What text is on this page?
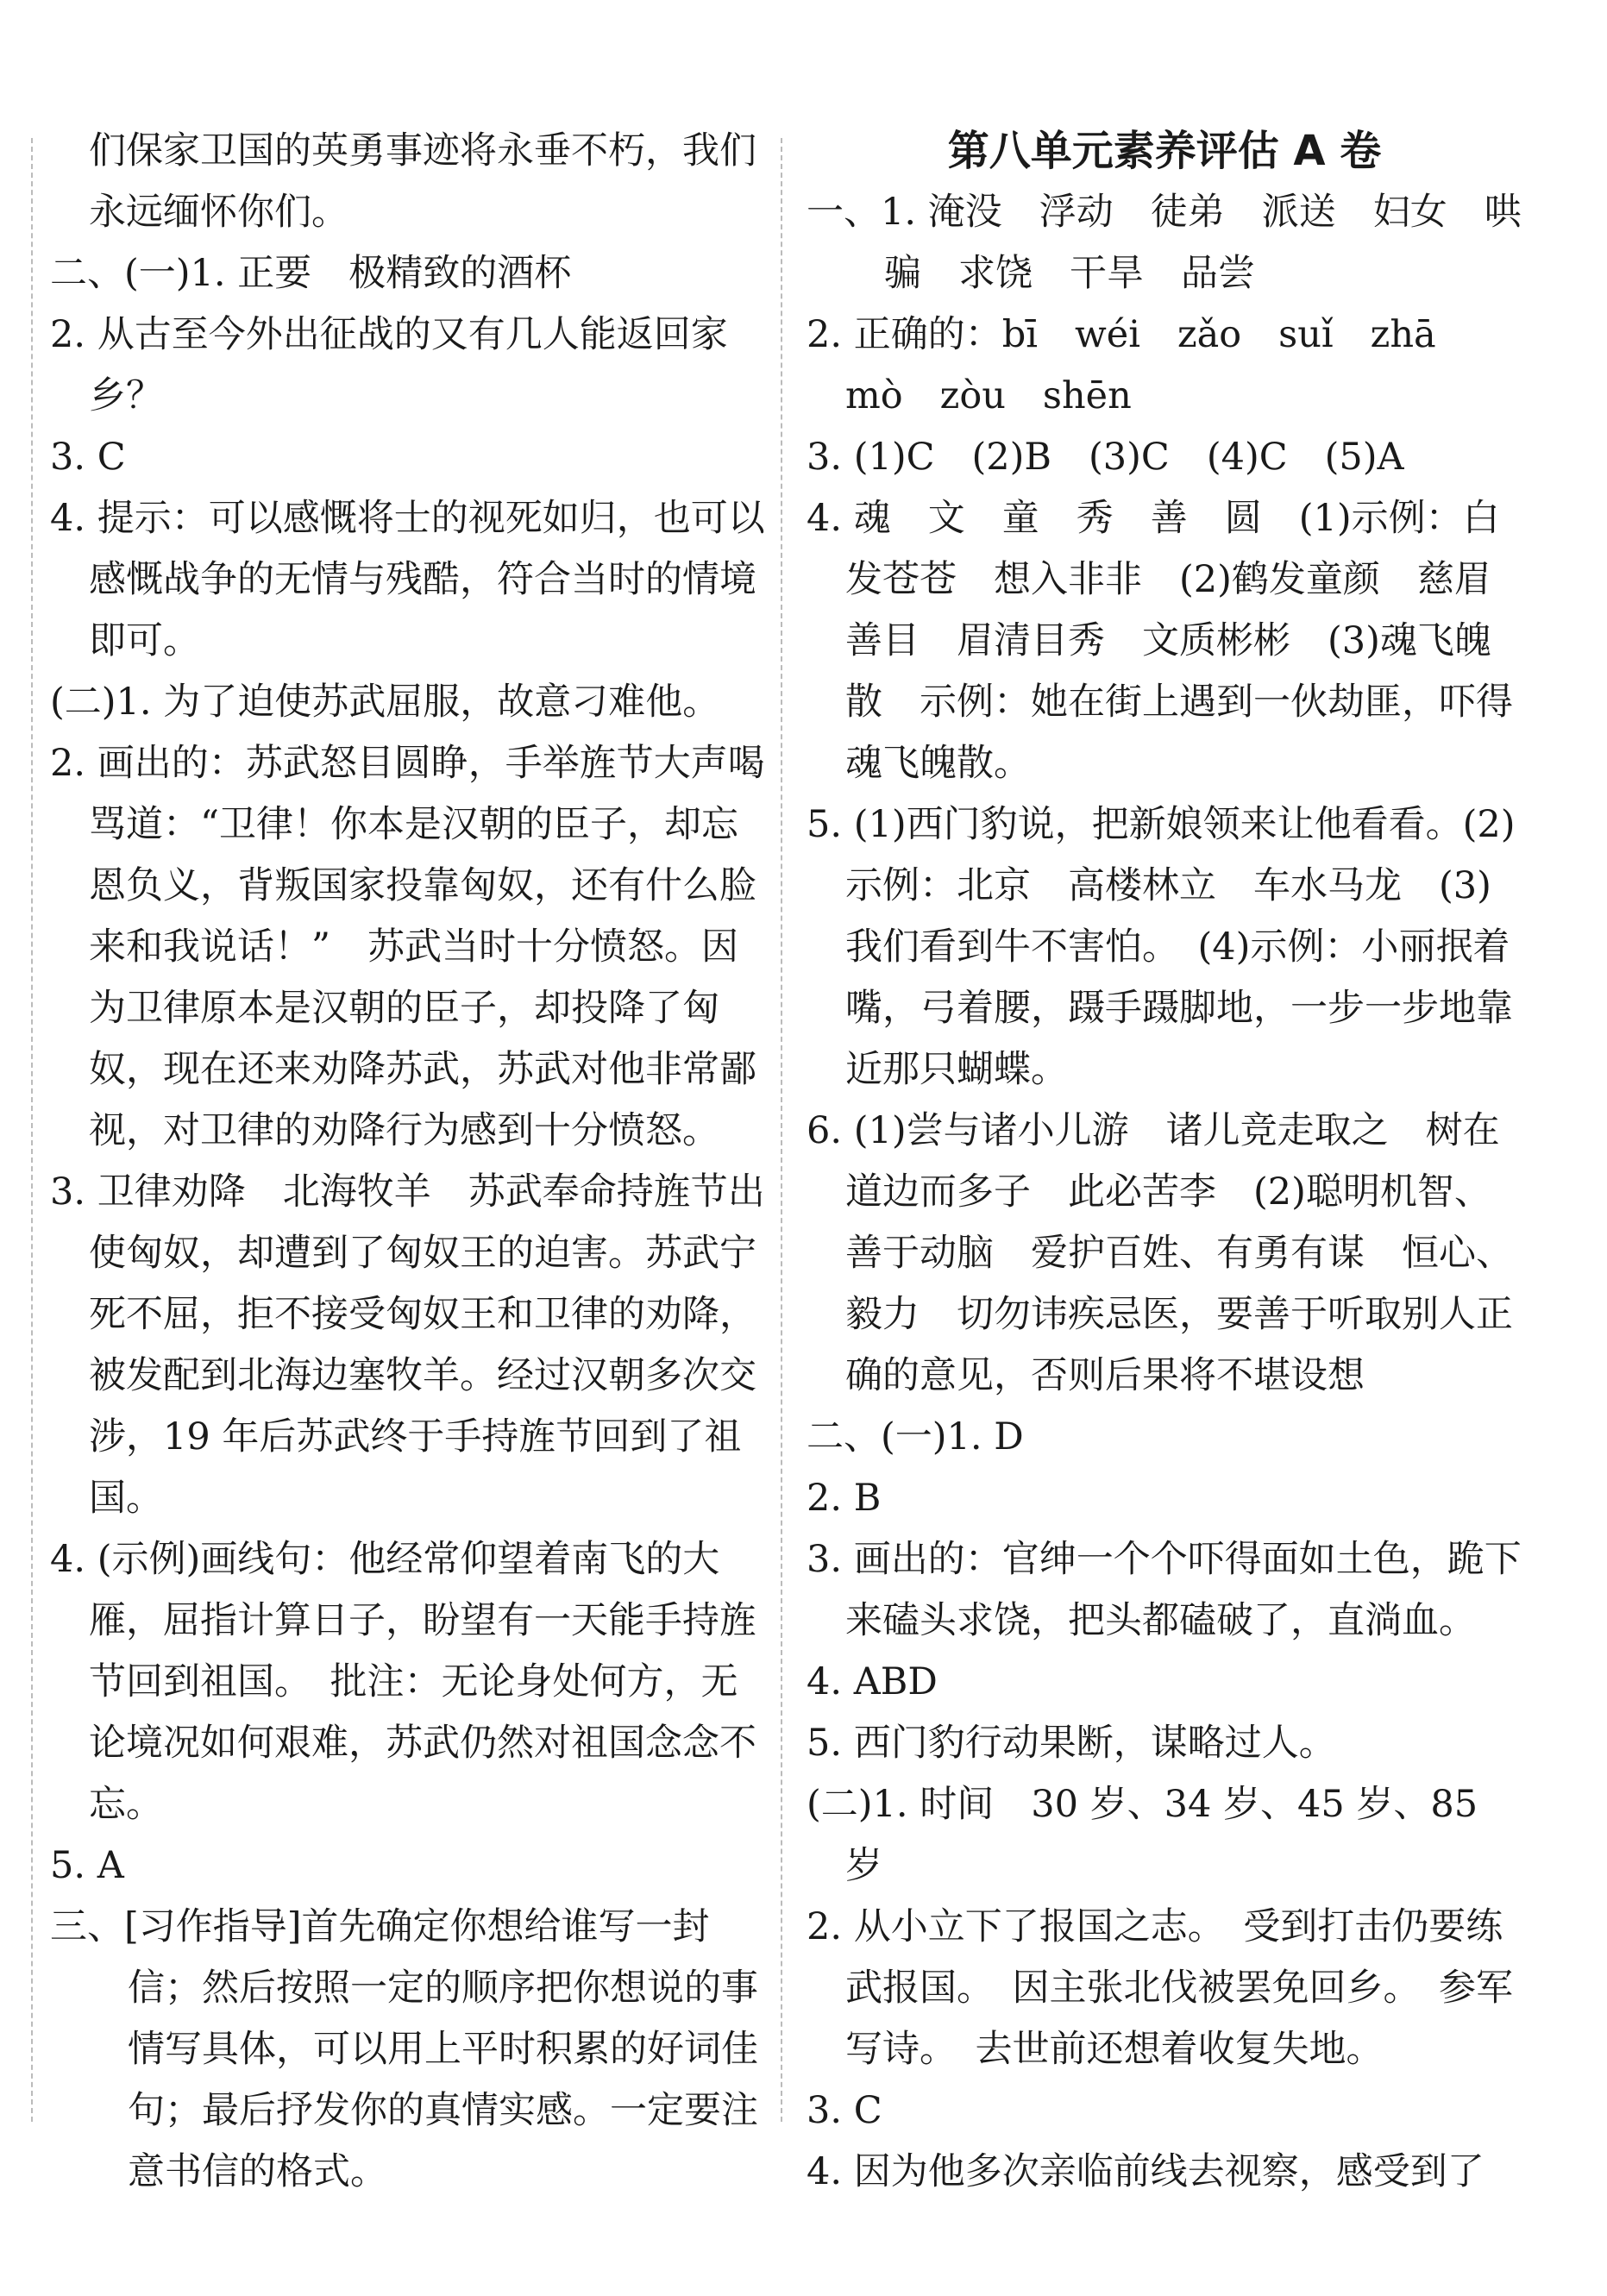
们保家卫国的英勇事迹将永垂不朽，我们永远缅怀你们。
二、(一)1. 正要　极精致的酒杯
2. 从古至今外出征战的又有几人能返回家乡？
3. C
4. 提示：可以感慨将士的视死如归，也可以感慨战争的无情与残酷，符合当时的情境即可。
(二)1. 为了迫使苏武屈服，故意刁难他。
2. 画出的：苏武怒目圆睁，手举旌节大声喝骂道：“卫律！你本是汉朝的臣子，却忘恩负义，背叛国家投靠匈奴，还有什么脸来和我说话！”　苏武当时十分愤怒。因为卫律原本是汉朝的臣子，却投降了匈奴，现在还来劝降苏武，苏武对他非常鄙视，对卫律的劝降行为感到十分愤怒。
3. 卫律劝降　北海牧羊　苏武奉命持旌节出使匈奴，却遭到了匈奴王的迫害。苏武宁死不屈，拒不接受匈奴王和卫律的劝降，被发配到北海边塞牧羊。经过汉朝多次交涉，19 年后苏武终于手持旌节回到了祖国。
4. (示例)画线句：他经常仰望着南飞的大雁，屈指计算日子，盼望有一天能手持旌节回到祖国。　批注：无论身处何方，无论境况如何艰难，苏武仍然对祖国念念不忘。
5. A
三、[习作指导]首先确定你想给谁写一封信；然后按照一定的顺序把你想说的事情写具体，可以用上平时积累的好词佳句；最后抒发你的真情实感。一定要注意书信的格式。
第八单元素养评估 A 卷
一、1. 淹没　浮动　徒弟　派送　妇女　哄骗　求饶　干旱　品尝
2. 正确的：bī　wéi　zǎo　suǐ　zhā　mò　zòu　shēn
3. (1)C　(2)B　(3)C　(4)C　(5)A
4. 魂　文　童　秀　善　圆　(1)示例：白发苍苍　想入非非　(2)鹤发童颜　慈眉善目　眉清目秀　文质彬彬　(3)魂飞魄散　示例：她在街上遇到一伙劫匪，吓得魂飞魄散。
5. (1)西门豹说，把新娘领来让他看看。(2)示例：北京　高楼林立　车水马龙　(3)我们看到牛不害怕。　(4)示例：小丽抿着嘴，弓着腰，蹑手蹑脚地，一步一步地靠近那只蝴蝶。
6. (1)尝与诸小儿游　诸儿竞走取之　树在道边而多子　此必苦李　(2)聪明机智、善于动脑　爱护百姓、有勇有谋　恒心、毅力　切勿讳疾忌医，要善于听取别人正确的意见，否则后果将不堪设想
二、(一)1. D
2. B
3. 画出的：官绅一个个吓得面如土色，跪下来磕头求饶，把头都磕破了，直淌血。
4. ABD
5. 西门豹行动果断，谋略过人。
(二)1. 时间　30 岁、34 岁、45 岁、85 岁
2. 从小立下了报国之志。　受到打击仍要练武报国。　因主张北伐被罢免回乡。　参军写诗。　去世前还想着收复失地。
3. C
4. 因为他多次亲临前线去视察，感受到了
